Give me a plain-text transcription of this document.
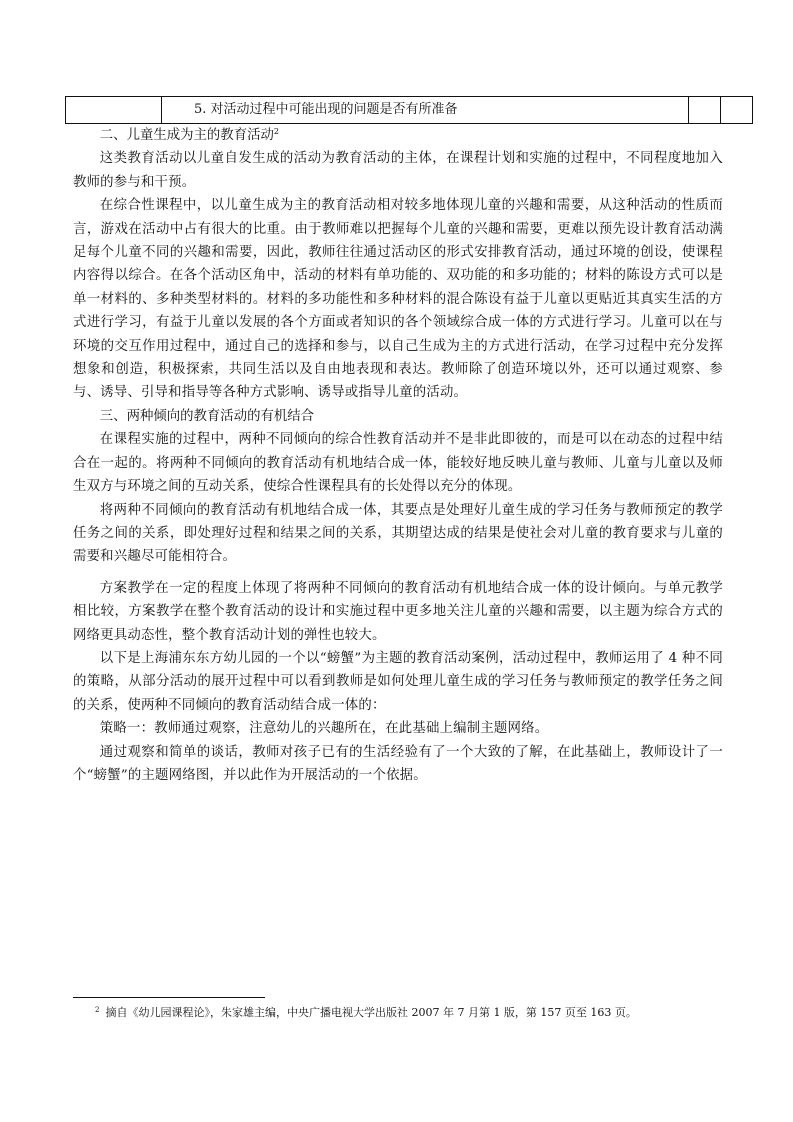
	5. 对活动过程中可能出现的问题是否有所准备		

二、儿童生成为主的教育活动$^2$

这类教育活动以儿童自发生成的活动为教育活动的主体，在课程计划和实施的过程中，不同程度地加入教师的参与和干预。

在综合性课程中，以儿童生成为主的教育活动相对较多地体现儿童的兴趣和需要，从这种活动的性质而言，游戏在活动中占有很大的比重。由于教师难以把握每个儿童的兴趣和需要，更难以预先设计教育活动满足每个儿童不同的兴趣和需要，因此，教师往往通过活动区的形式安排教育活动，通过环境的创设，使课程内容得以综合。在各个活动区角中，活动的材料有单功能的、双功能的和多功能的；材料的陈设方式可以是单一材料的、多种类型材料的。材料的多功能性和多种材料的混合陈设有益于儿童以更贴近其真实生活的方式进行学习，有益于儿童以发展的各个方面或者知识的各个领域综合成一体的方式进行学习。儿童可以在与环境的交互作用过程中，通过自己的选择和参与，以自己生成为主的方式进行活动，在学习过程中充分发挥想象和创造，积极探索，共同生活以及自由地表现和表达。教师除了创造环境以外，还可以通过观察、参与、诱导、引导和指导等各种方式影响、诱导或指导儿童的活动。

三、两种倾向的教育活动的有机结合

在课程实施的过程中，两种不同倾向的综合性教育活动并不是非此即彼的，而是可以在动态的过程中结合在一起的。将两种不同倾向的教育活动有机地结合成一体，能较好地反映儿童与教师、儿童与儿童以及师生双方与环境之间的互动关系，使综合性课程具有的长处得以充分的体现。

将两种不同倾向的教育活动有机地结合成一体，其要点是处理好儿童生成的学习任务与教师预定的教学任务之间的关系，即处理好过程和结果之间的关系，其期望达成的结果是使社会对儿童的教育要求与儿童的需要和兴趣尽可能相符合。

方案教学在一定的程度上体现了将两种不同倾向的教育活动有机地结合成一体的设计倾向。与单元教学相比较，方案教学在整个教育活动的设计和实施过程中更多地关注儿童的兴趣和需要，以主题为综合方式的网络更具动态性，整个教育活动计划的弹性也较大。

以下是上海浦东东方幼儿园的一个以“螃蟹”为主题的教育活动案例，活动过程中，教师运用了 4 种不同的策略，从部分活动的展开过程中可以看到教师是如何处理儿童生成的学习任务与教师预定的教学任务之间的关系，使两种不同倾向的教育活动结合成一体的：

策略一：教师通过观察，注意幼儿的兴趣所在，在此基础上编制主题网络。

通过观察和简单的谈话，教师对孩子已有的生活经验有了一个大致的了解，在此基础上，教师设计了一个“螃蟹”的主题网络图，并以此作为开展活动的一个依据。

$^2$ 摘自《幼儿园课程论》，朱家雄主编，中央广播电视大学出版社 2007 年 7 月第 1 版，第 157 页至 163 页。
